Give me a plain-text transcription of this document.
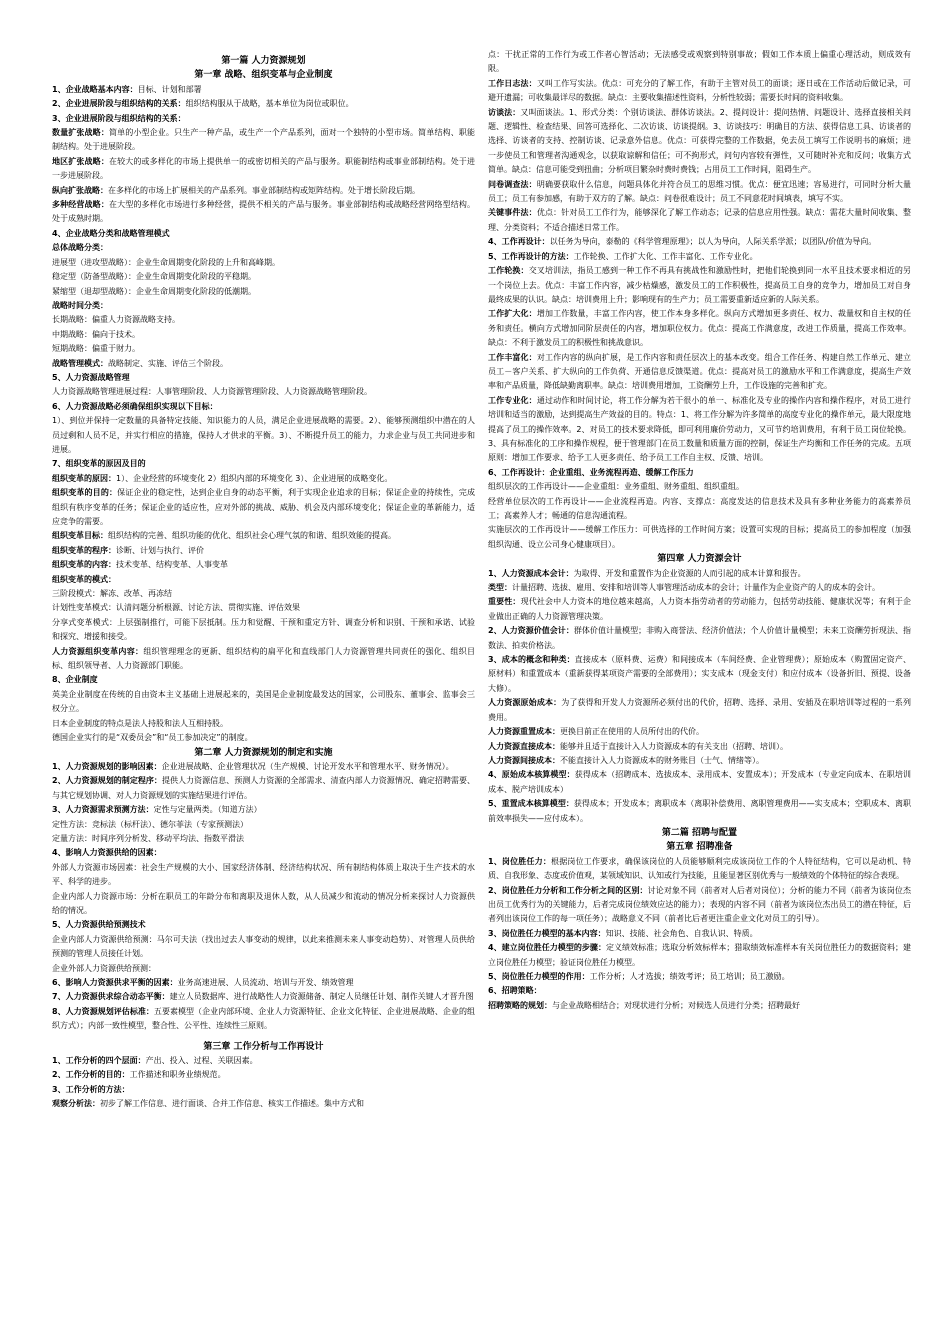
第一篇 人力资源规划
第一章 战略、组织变革与企业制度

1、企业战略基本内容：目标、计划和部署

2、企业进展阶段与组织结构的关系：组织结构服从于战略，基本单位为岗位或职位。

3、企业进展阶段与组织结构的关系：

数量扩张战略：简单的小型企业。只生产一种产品，或生产一个产品系列，面对一个独特的小型市场。简单结构、职能制结构。处于进展阶段。

地区扩张战略：在较大的或多样化的市场上提供单一的或密切相关的产品与服务。职能制结构或事业部制结构。处于进一步进展阶段。

纵向扩张战略：在多样化的市场上扩展相关的产品系列。事业部制结构或矩阵结构。处于增长阶段后期。

多种经营战略：在大型的多样化市场进行多种经营，提供不相关的产品与服务。事业部制结构或战略经营网络型结构。处于成熟时期。

4、企业战略分类和战略管理模式

总体战略分类：

进展型（进攻型战略）：企业生命周期变化阶段的上升和高峰期。

稳定型（防备型战略）：企业生命周期变化阶段的平稳期。

紧缩型（退却型战略）：企业生命周期变化阶段的低潮期。

战略时间分类：

长期战略：偏重人力资源战略支持。

中期战略：偏向于技术。

短期战略：偏重于财力。

战略管理模式：战略制定、实施、评估三个阶段。

5、人力资源战略管理

人力资源战略管理进展过程：人事管理阶段、人力资源管理阶段、人力资源战略管理阶段。

6、人力资源战略必须确保组织实现以下目标：

1）、到位并保持一定数量的具备特定技能、知识能力的人员，满足企业进展战略的需要。2）、能够预测组织中潜在的人员过剩和人员不足，并实行相应的措施，保持人才供求的平衡。3）、不断提升员工的能力，力求企业与员工共同进步和进展。

7、组织变革的原因及目的

组织变革的原因：1）、企业经营的环境变化 2）组织内部的环境变化 3）、企业进展的成略变化。

组织变革的目的：保证企业的稳定性，达到企业自身的动态平衡，利于实现企业追求的目标；保证企业的持续性，完成组织有秩序变革的任务；保证企业的适应性，应对外部的挑战、威胁、机会及内部环境变化；保证企业的革新能力，适应竞争的需要。

组织变革目标：组织结构的完善、组织功能的优化、组织社会心理气氛的和谐、组织效能的提高。

组织变革的程序：诊断、计划与执行、评价

组织变革的内容：技术变革、结构变革、人事变革

组织变革的模式：

三阶段模式：解冻、改革、再冻结

计划性变革模式：认清问题分析根源、讨论方法、贯彻实施、评估效果

分享式变革模式：上层强制推行，可能下层抵制。压力和觉醒、干预和重定方针、调查分析和识别、干预和承诺、试验和探究、增援和接受。

人力资源组织变革内容：组织管理理念的更新、组织结构的扁平化和直线部门人力资源管理共同责任的强化、组织目标、组织领导者、人力资源部门职能。

8、企业制度

英美企业制度在传统的自由资本主义基础上进展起来的，美国是企业制度最发达的国家，公司股东、董事会、监事会三权分立。

日本企业制度的特点是法人持股和法人互相持股。

德国企业实行的是“双委员会”和“员工参加决定”的制度。

第二章 人力资源规划的制定和实施

1、人力资源规划的影响因素：企业进展战略、企业管理状况（生产规模、讨论开发水平和管理水平、财务情况）。

2、人力资源规划的制定程序：提供人力资源信息、预测人力资源的全部需求、清查内部人力资源情况、确定招聘需要、与其它规划协调、对人力资源规划的实施结果进行评估。

3、人力资源需求预测方法：定性与定量两类。（知道方法）

定性方法：竞标法（标杆法）、德尔菲法（专家预测法）

定量方法：时间序列分析发、移动平均法、指数平滑法

4、影响人力资源供给的因素：

外部人力资源市场因素：社会生产规模的大小、国家经济体制、经济结构状况、所有制结构体质上取决于生产技术的水平、科学的进步。

企业内部人力资源市场：分析在职员工的年龄分布和离职及退休人数，从人员减少和流动的情况分析来探讨人力资源供给的情况。

5、人力资源供给预测技术

企业内部人力资源供给预测：马尔可夫法（找出过去人事变动的规律，以此来推测未来人事变动趋势）、对管理人员供给预测的管理人员接任计划。

企业外部人力资源供给预测：

6、影响人力资源供求平衡的因素：业务高速进展、人员流动、培训与开发、绩效管理

7、人力资源供求综合动态平衡：建立人员数据库、进行战略性人力资源储备、制定人员继任计划、制作关键人才晋升图

8、人力资源规划评估标准：五要素模型（企业内部环境、企业人力资源特征、企业文化特征、企业进展战略、企业的组织方式）；内部一致性模型，整合性、公平性、连续性三原则。

第三章 工作分析与工作再设计

1、工作分析的四个层面：产出、投入、过程、关联因素。

2、工作分析的目的：工作描述和职务业绩规范。

3、工作分析的方法：

观察分析法：初步了解工作信息、进行面谈、合并工作信息、核实工作描述。集中方式和

点：干扰正常的工作行为或工作者心智活动；无法感受或观察到特别事故；假如工作本质上偏重心理活动，则成效有限。

工作日志法：又叫工作写实法。优点：可充分的了解工作，有助于主管对员工的面谈；逐日或在工作活动后做记录，可避开遗漏；可收集最详尽的数据。缺点：主要收集描述性资料，分析性较弱；需要长时间的资料收集。

访谈法：又叫面谈法。1、形式分类：个别访谈法、群体访谈法。2、提问设计：提问热情、问题设计、选择直接相关问题、逻辑性、检查结果、回答可选择化、二次访谈、访谈提纲。3、访谈技巧：明确目的方法、获得信息工具、访谈者的选择、访谈者的支持、控制访谈、记录意外信息。优点：可获得完整的工作数据，免去员工填写工作说明书的麻烦；进一步使员工和管理者沟通观念，以获取谅解和信任；可不拘形式，问句内容较有弹性，又可随时补充和反问；收集方式简单。缺点：信息可能受到扭曲；分析项目繁杂时费时费钱；占用员工工作时间，阻碍生产。

问卷调查法：明确要获取什么信息，问题具体化并符合员工的思维习惯。优点：便宜迅速；容易进行，可同时分析大量员工；员工有参加感，有助于双方的了解。缺点：问卷很难设计；员工不同意花时间填表，填写不实。

关键事件法：优点：针对员工工作行为，能够深化了解工作动态；记录的信息应用性强。缺点：需花大量时间收集、整理、分类资料；不适合描述日常工作。

4、工作再设计：以任务为导向，泰勒的《科学管理原理》；以人为导向，人际关系学派；以团队/价值为导向。

5、工作再设计的方法：工作轮换、工作扩大化、工作丰富化、工作专业化。

工作轮换：交叉培训法，指员工感到一种工作不再具有挑战性和激励性时，把他们轮换到同一水平且技术要求相近的另一个岗位上去。优点：丰富工作内容，减少枯燥感，激发员工的工作积极性，提高员工自身的竞争力，增加员工对自身最终成果的认识。缺点：培训费用上升；影响现有的生产力；员工需要重新适应新的人际关系。

工作扩大化：增加工作数量，丰富工作内容，使工作本身多样化。纵向方式增加更多责任、权力、裁量权和自主权的任务和责任。横向方式增加同阶层责任的内容，增加职位权力。优点：提高工作满意度，改进工作质量，提高工作效率。缺点：不利于激发员工的积极性和挑战意识。

工作丰富化：对工作内容的纵向扩展，是工作内容和责任层次上的基本改变。组合工作任务、构建自然工作单元、建立员工－客户关系、扩大纵向的工作负荷、开通信息反馈渠道。优点：提高对员工的激励水平和工作满意度，提高生产效率和产品质量，降低缺勤离职率。缺点：培训费用增加，工资酬劳上升，工作设施的完善和扩充。

工作专业化：通过动作和时间讨论，将工作分解为若干很小的单一、标准化及专业的操作内容和操作程序，对员工进行培训和适当的激励，达到提高生产效益的目的。特点：1、将工作分解为许多简单的高度专业化的操作单元，最大限度地提高了员工的操作效率。2、对员工的技术要求降低，即可利用廉价劳动力，又可节约培训费用，有利于员工岗位轮换。3、具有标准化的工序和操作规程，便于管理部门在员工数量和质量方面的控制，保证生产均衡和工作任务的完成。五项原则：增加工作要求、给予工人更多责任、给予员工工作自主权、反馈、培训。

6、工作再设计：企业重组、业务流程再造、缓解工作压力

组织层次的工作再设计——企业重组：业务重组、财务重组、组织重组。

经营单位层次的工作再设计——企业流程再造。内容、支撑点：高度发达的信息技术及具有多种业务能力的高素养员工；高素养人才；畅通的信息沟通流程。

实施层次的工作再设计——缓解工作压力：可供选择的工作时间方案；设置可实现的目标；提高员工的参加程度（加强组织沟通、设立公司身心健康项目）。

第四章 人力资源会计

1、人力资源成本会计：为取得、开发和重置作为企业资源的人而引起的成本计算和报告。

类型：计量招聘、选拔、雇用、安排和培训等人事管理活动成本的会计；计量作为企业资产的人的成本的会计。

重要性：现代社会中人力资本的地位越来越高，人力资本指劳动者的劳动能力，包括劳动技能、健康状况等；有利于企业做出正确的人力资源管理决策。

2、人力资源价值会计：群体价值计量模型；非购入商誉法、经济价值法；个人价值计量模型；未来工资酬劳折现法、指数法、拍卖价格法。

3、成本的概念和种类：直接成本（原料费、运费）和间接成本（车间经费、企业管理费）；原始成本（购置固定资产、原材料）和重置成本（重新获得某项资产需要的全部费用）；实支成本（现金支付）和应付成本（设备折旧、预提、设备大修）。

人力资源原始成本：为了获得和开发人力资源所必须付出的代价，招聘、选择、录用、安插及在职培训等过程的一系列费用。

人力资源重置成本：更换目前正在使用的人员所付出的代价。

人力资源直接成本：能够并且适于直接计入人力资源成本的有关支出（招聘、培训）。

人力资源间接成本：不能直接计入人力资源成本的财务账目（士气、情绪等）。

4、原始成本核算模型：获得成本（招聘成本、选拔成本、录用成本、安置成本）；开发成本（专业定向成本、在职培训成本、脱产培训成本）

5、重置成本核算模型：获得成本；开发成本；离职成本（离职补偿费用、离职管理费用——实支成本；空职成本、离职前效率损失——应付成本）。

第二篇 招聘与配置
第五章 招聘准备

1、岗位胜任力：根据岗位工作要求，确保该岗位的人员能够顺利完成该岗位工作的个人特征结构，它可以是动机、特质、自我形象、态度或价值观，某领域知识、认知或行为技能，且能显著区别优秀与一般绩效的个体特征的综合表现。

2、岗位胜任力分析和工作分析之间的区别：讨论对象不同（前者对人后者对岗位）；分析的能力不同（前者为该岗位杰出员工优秀行为的关键能力，后者完成岗位绩效应达的能力）；表现的内容不同（前者为该岗位杰出员工的潜在特征，后者列出该岗位工作的每一项任务）；战略意义不同（前者比后者更注重企业文化对员工的引导）。

3、岗位胜任力模型的基本内容：知识、技能、社会角色、自我认识、特质。

4、建立岗位胜任力模型的步骤：定义绩效标准；选取分析效标样本；猎取绩效标准样本有关岗位胜任力的数据资料；建立岗位胜任力模型；验证岗位胜任力模型。

5、岗位胜任力模型的作用：工作分析；人才选拔；绩效考评；员工培训；员工激励。

6、招聘策略：

招聘策略的规划：与企业战略相结合；对现状进行分析；对候选人员进行分类；招聘最好
